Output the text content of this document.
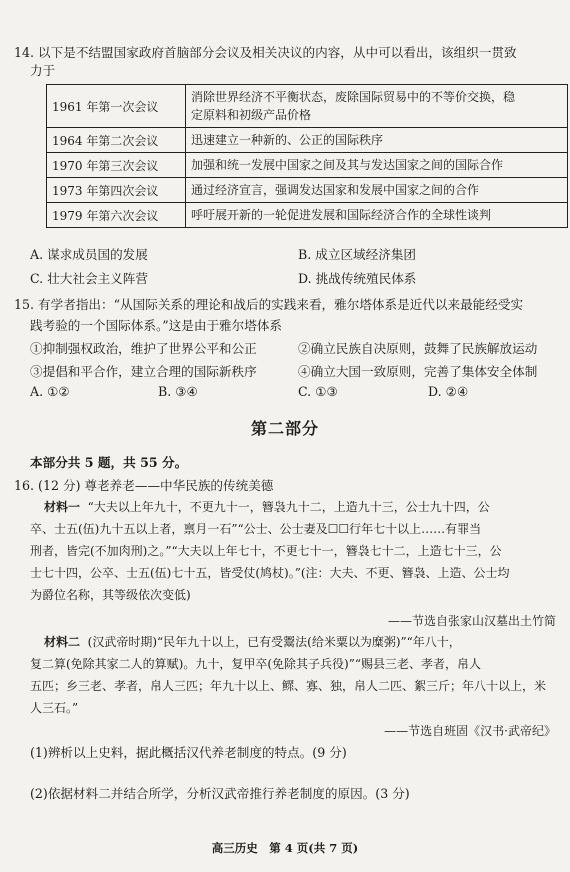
14. 以下是不结盟国家政府首脑部分会议及相关决议的内容，从中可以看出，该组织一贯致
力于
1961 年第一次会议	消除世界经济不平衡状态，废除国际贸易中的不等价交换，稳
定原料和初级产品价格

1964 年第二次会议	迅速建立一种新的、公正的国际秩序
1970 年第三次会议	加强和统一发展中国家之间及其与发达国家之间的国际合作
1973 年第四次会议	通过经济宣言，强调发达国家和发展中国家之间的合作
1979 年第六次会议	呼吁展开新的一轮促进发展和国际经济合作的全球性谈判
A. 谋求成员国的发展	B. 成立区域经济集团
C. 壮大社会主义阵营	D. 挑战传统殖民体系
15. 有学者指出：“从国际关系的理论和战后的实践来看，雅尔塔体系是近代以来最能经受实
践考验的一个国际体系。”这是由于雅尔塔体系
①抑制强权政治，维护了世界公平和公正	②确立民族自决原则，鼓舞了民族解放运动
③提倡和平合作，建立合理的国际新秩序	④确立大国一致原则，完善了集体安全体制
A. ①②	B. ③④	C. ①③	D. ②④
第二部分
本部分共 5 题，共 55 分。
16. (12 分) 尊老养老——中华民族的传统美德
材料一 “大夫以上年九十，不更九十一，簪袅九十二，上造九十三，公士九十四，公
卒、士五(伍)九十五以上者，禀月一石”“公士、公士妻及☐☐行年七十以上……有罪当
刑者，皆完(不加肉刑)之。”“大夫以上年七十，不更七十一，簪袅七十二，上造七十三，公
士七十四，公卒、士五(伍)七十五，皆受仗(鸠杖)。”(注：大夫、不更、簪袅、上造、公士均
为爵位名称，其等级依次变低)
——节选自张家山汉墓出土竹简
材料二 (汉武帝时期)“民年九十以上，已有受鬻法(给米粟以为糜粥)”“年八十，
复二算(免除其家二人的算赋)。九十，复甲卒(免除其子兵役)”“赐县三老、孝者，帛人
五匹；乡三老、孝者，帛人三匹；年九十以上、鳏、寡、独，帛人二匹、絮三斤；年八十以上，米
人三石。”
——节选自班固《汉书·武帝纪》
(1)辨析以上史料，据此概括汉代养老制度的特点。(9 分)
(2)依据材料二并结合所学，分析汉武帝推行养老制度的原因。(3 分)
高三历史　第 4 页(共 7 页)
